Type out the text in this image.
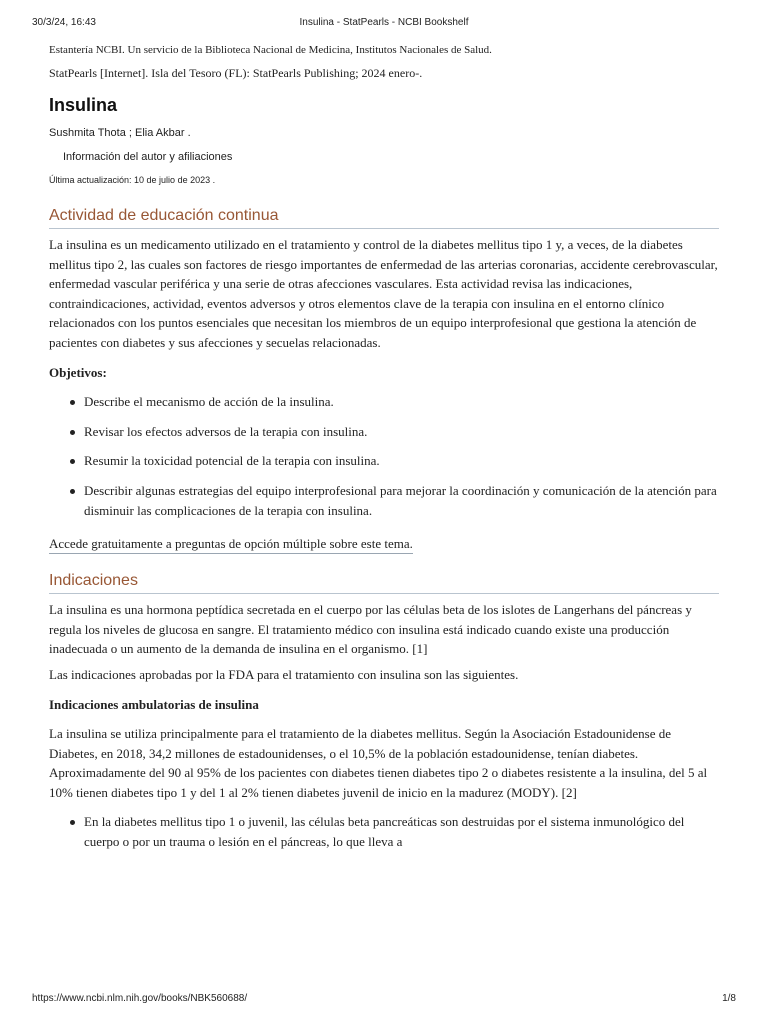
30/3/24, 16:43	Insulina - StatPearls - NCBI Bookshelf

Estantería NCBI. Un servicio de la Biblioteca Nacional de Medicina, Institutos Nacionales de Salud.

StatPearls [Internet]. Isla del Tesoro (FL): StatPearls Publishing; 2024 enero-.

Insulina
Sushmita Thota ; Elia Akbar .
Información del autor y afiliaciones
Última actualización: 10 de julio de 2023 .
Actividad de educación continua

La insulina es un medicamento utilizado en el tratamiento y control de la diabetes mellitus tipo 1 y, a veces, de la diabetes mellitus tipo 2, las cuales son factores de riesgo importantes de enfermedad de las arterias coronarias, accidente cerebrovascular, enfermedad vascular periférica y una serie de otras afecciones vasculares. Esta actividad revisa las indicaciones, contraindicaciones, actividad, eventos adversos y otros elementos clave de la terapia con insulina en el entorno clínico relacionados con los puntos esenciales que necesitan los miembros de un equipo interprofesional que gestiona la atención de pacientes con diabetes y sus afecciones y secuelas relacionadas.

Objetivos:

Describe el mecanismo de acción de la insulina.
Revisar los efectos adversos de la terapia con insulina.
Resumir la toxicidad potencial de la terapia con insulina.
Describir algunas estrategias del equipo interprofesional para mejorar la coordinación y comunicación de la atención para disminuir las complicaciones de la terapia con insulina.
Accede gratuitamente a preguntas de opción múltiple sobre este tema.
Indicaciones

La insulina es una hormona peptídica secretada en el cuerpo por las células beta de los islotes de Langerhans del páncreas y regula los niveles de glucosa en sangre. El tratamiento médico con insulina está indicado cuando existe una producción inadecuada o un aumento de la demanda de insulina en el organismo. [1]

Las indicaciones aprobadas por la FDA para el tratamiento con insulina son las siguientes.

Indicaciones ambulatorias de insulina

La insulina se utiliza principalmente para el tratamiento de la diabetes mellitus. Según la Asociación Estadounidense de Diabetes, en 2018, 34,2 millones de estadounidenses, o el 10,5% de la población estadounidense, tenían diabetes. Aproximadamente del 90 al 95% de los pacientes con diabetes tienen diabetes tipo 2 o diabetes resistente a la insulina, del 5 al 10% tienen diabetes tipo 1 y del 1 al 2% tienen diabetes juvenil de inicio en la madurez (MODY). [2]

En la diabetes mellitus tipo 1 o juvenil, las células beta pancreáticas son destruidas por el sistema inmunológico del cuerpo o por un trauma o lesión en el páncreas, lo que lleva a
https://www.ncbi.nlm.nih.gov/books/NBK560688/	1/8
